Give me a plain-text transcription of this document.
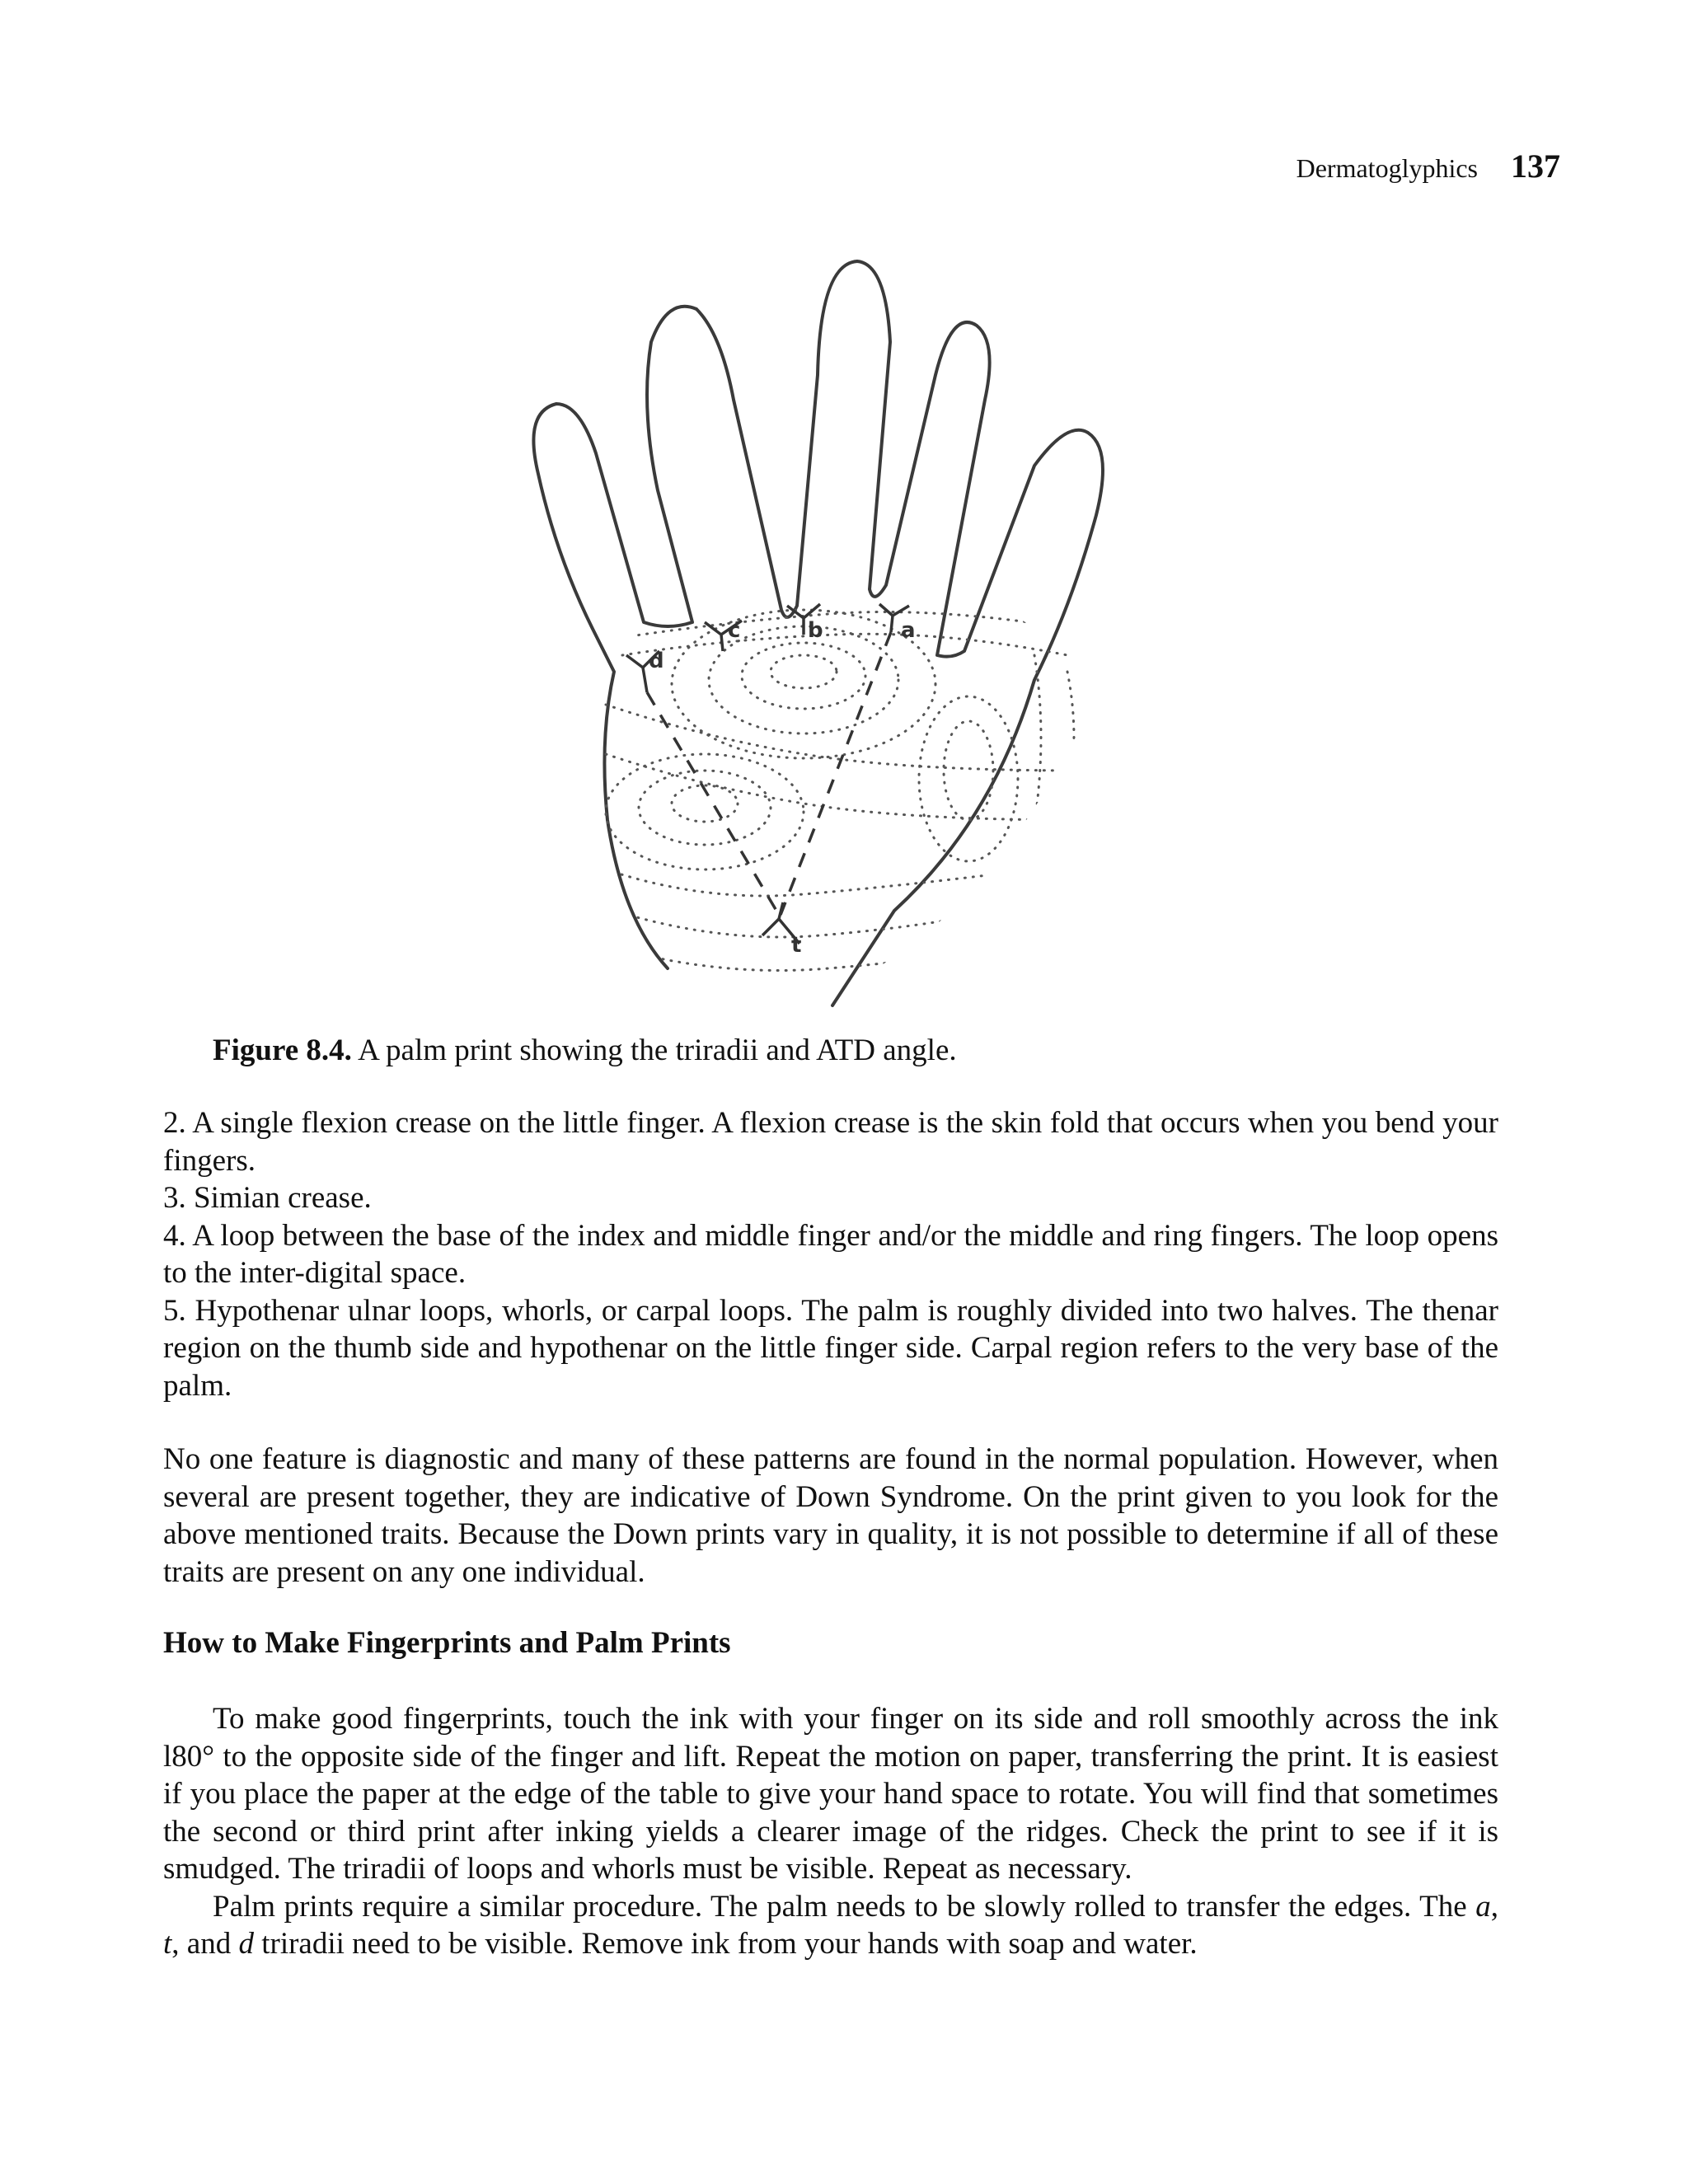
Dermatoglyphics 137
d
c	b	a
t
Figure 8.4. A palm print showing the triradii and ATD angle.

2. A single flexion crease on the little finger. A flexion crease is the skin fold that occurs when you bend your fingers.

3. Simian crease.

4. A loop between the base of the index and middle finger and/or the middle and ring fingers. The loop opens to the inter-digital space.

5. Hypothenar ulnar loops, whorls, or carpal loops. The palm is roughly divided into two halves. The thenar region on the thumb side and hypothenar on the little finger side. Carpal region refers to the very base of the palm.

No one feature is diagnostic and many of these patterns are found in the normal population. However, when several are present together, they are indicative of Down Syndrome. On the print given to you look for the above mentioned traits. Because the Down prints vary in quality, it is not possible to determine if all of these traits are present on any one individual.

How to Make Fingerprints and Palm Prints

To make good fingerprints, touch the ink with your finger on its side and roll smoothly across the ink l80° to the opposite side of the finger and lift. Repeat the motion on paper, transferring the print. It is easiest if you place the paper at the edge of the table to give your hand space to rotate. You will find that sometimes the second or third print after inking yields a clearer image of the ridges. Check the print to see if it is smudged. The triradii of loops and whorls must be visible. Repeat as necessary.

Palm prints require a similar procedure. The palm needs to be slowly rolled to transfer the edges. The a, t, and d triradii need to be visible. Remove ink from your hands with soap and water.
